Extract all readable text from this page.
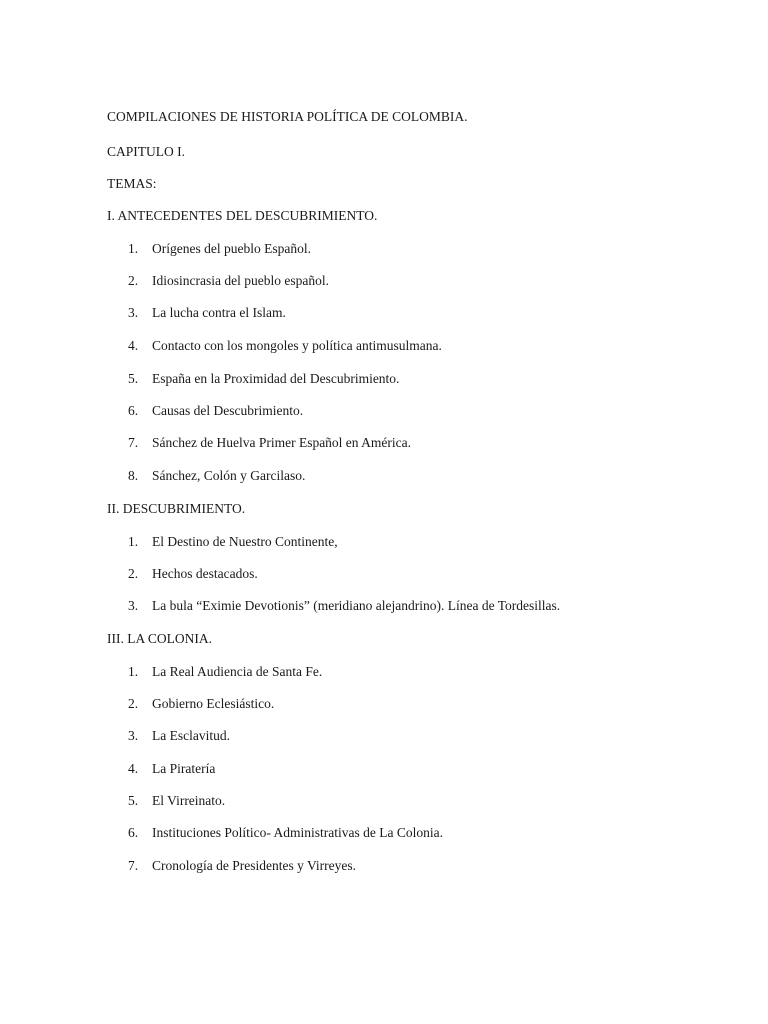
COMPILACIONES DE HISTORIA POLÍTICA DE COLOMBIA.
CAPITULO I.
TEMAS:
I. ANTECEDENTES DEL DESCUBRIMIENTO.
1. Orígenes del pueblo Español.
2. Idiosincrasia del pueblo español.
3. La lucha contra el Islam.
4. Contacto con los mongoles y política antimusulmana.
5. España en la Proximidad del Descubrimiento.
6. Causas del Descubrimiento.
7. Sánchez de Huelva Primer Español en América.
8. Sánchez, Colón y Garcilaso.
II. DESCUBRIMIENTO.
1. El Destino de Nuestro Continente,
2. Hechos destacados.
3. La bula “Eximie Devotionis” (meridiano alejandrino). Línea de Tordesillas.
III. LA COLONIA.
1. La Real Audiencia de Santa Fe.
2. Gobierno Eclesiástico.
3. La Esclavitud.
4. La Piratería
5. El Virreinato.
6. Instituciones Político- Administrativas de La Colonia.
7. Cronología de Presidentes y Virreyes.
